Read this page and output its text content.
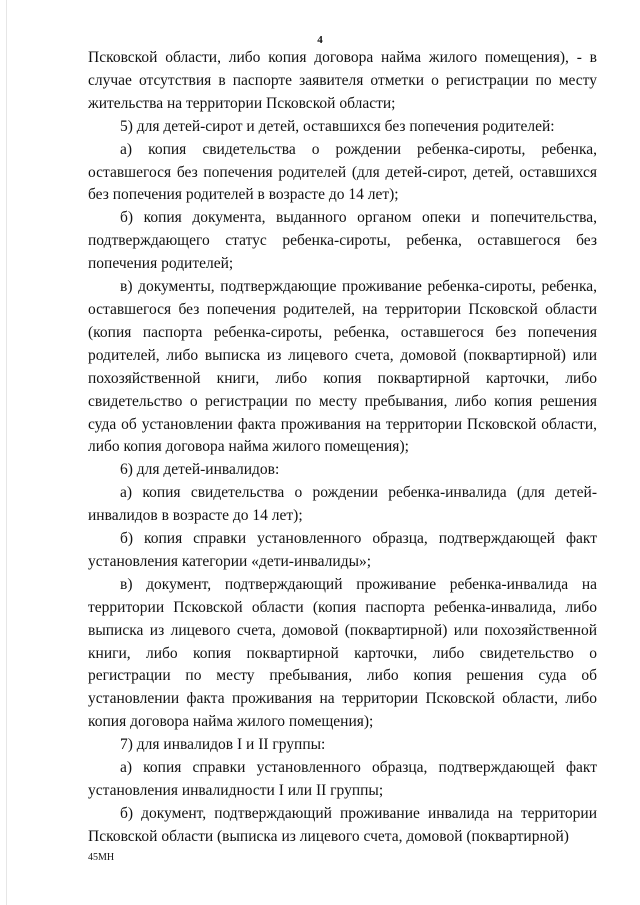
4

Псковской области, либо копия договора найма жилого помещения), - в случае отсутствия в паспорте заявителя отметки о регистрации по месту жительства на территории Псковской области;

5) для детей-сирот и детей, оставшихся без попечения родителей:

а) копия свидетельства о рождении ребенка-сироты, ребенка, оставшегося без попечения родителей (для детей-сирот, детей, оставшихся без попечения родителей в возрасте до 14 лет);

б) копия документа, выданного органом опеки и попечительства, подтверждающего статус ребенка-сироты, ребенка, оставшегося без попечения родителей;

в) документы, подтверждающие проживание ребенка-сироты, ребенка, оставшегося без попечения родителей, на территории Псковской области (копия паспорта ребенка-сироты, ребенка, оставшегося без попечения родителей, либо выписка из лицевого счета, домовой (поквартирной) или похозяйственной книги, либо копия поквартирной карточки, либо свидетельство о регистрации по месту пребывания, либо копия решения суда об установлении факта проживания на территории Псковской области, либо копия договора найма жилого помещения);

6) для детей-инвалидов:

а) копия свидетельства о рождении ребенка-инвалида (для детей-инвалидов в возрасте до 14 лет);

б) копия справки установленного образца, подтверждающей факт установления категории «дети-инвалиды»;

в) документ, подтверждающий проживание ребенка-инвалида на территории Псковской области (копия паспорта ребенка-инвалида, либо выписка из лицевого счета, домовой (поквартирной) или похозяйственной книги, либо копия поквартирной карточки, либо свидетельство о регистрации по месту пребывания, либо копия решения суда об установлении факта проживания на территории Псковской области, либо копия договора найма жилого помещения);

7) для инвалидов I и II группы:

а) копия справки установленного образца, подтверждающей факт установления инвалидности I или II группы;

б) документ, подтверждающий проживание инвалида на территории Псковской области (выписка из лицевого счета, домовой (поквартирной)

45МН
